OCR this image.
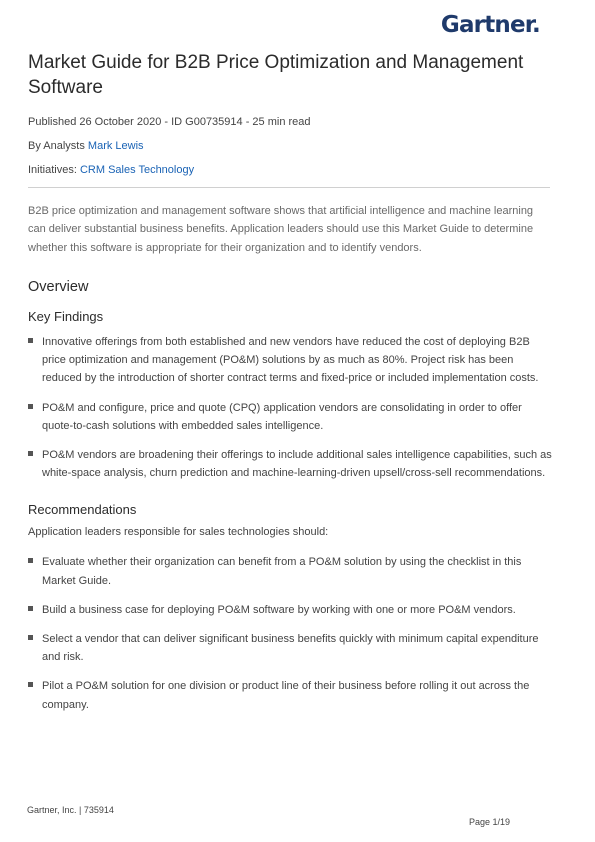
Gartner.
Market Guide for B2B Price Optimization and Management Software

Published 26 October 2020 - ID G00735914 - 25 min read

By Analysts Mark Lewis

Initiatives: CRM Sales Technology

B2B price optimization and management software shows that artificial intelligence and machine learning can deliver substantial business benefits. Application leaders should use this Market Guide to determine whether this software is appropriate for their organization and to identify vendors.

Overview
Key Findings
Innovative offerings from both established and new vendors have reduced the cost of deploying B2B price optimization and management (PO&M) solutions by as much as 80%. Project risk has been reduced by the introduction of shorter contract terms and fixed-price or included implementation costs.
PO&M and configure, price and quote (CPQ) application vendors are consolidating in order to offer quote-to-cash solutions with embedded sales intelligence.
PO&M vendors are broadening their offerings to include additional sales intelligence capabilities, such as white-space analysis, churn prediction and machine-learning-driven upsell/cross-sell recommendations.
Recommendations

Application leaders responsible for sales technologies should:

Evaluate whether their organization can benefit from a PO&M solution by using the checklist in this Market Guide.
Build a business case for deploying PO&M software by working with one or more PO&M vendors.
Select a vendor that can deliver significant business benefits quickly with minimum capital expenditure and risk.
Pilot a PO&M solution for one division or product line of their business before rolling it out across the company.
Gartner, Inc. | 735914
Page 1/19
